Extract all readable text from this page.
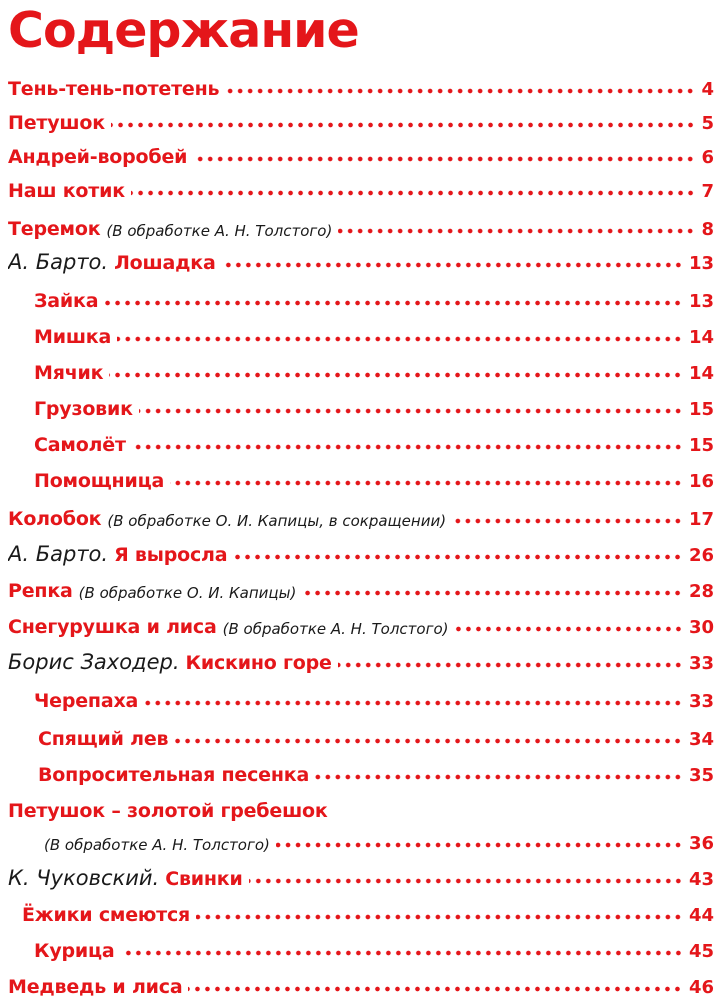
Содержание
Тень-тень-потетень	4
Петушок	5
Андрей-воробей	6
Наш котик	7
Теремок (В обработке А. Н. Толстого)	8
А. Барто. Лошадка	13
Зайка	13
Мишка	14
Мячик	14
Грузовик	15
Самолёт	15
Помощница	16
Колобок (В обработке О. И. Капицы, в сокращении)	17
А. Барто. Я выросла	26
Репка (В обработке О. И. Капицы)	28
Снегурушка и лиса (В обработке А. Н. Толстого)	30
Борис Заходер. Кискино горе	33
Черепаха	33
Спящий лев	34
Вопросительная песенка	35
Петушок – золотой гребешок
(В обработке А. Н. Толстого)	36
К. Чуковский. Свинки	43
Ёжики смеются	44
Курица	45
Медведь и лиса	46
